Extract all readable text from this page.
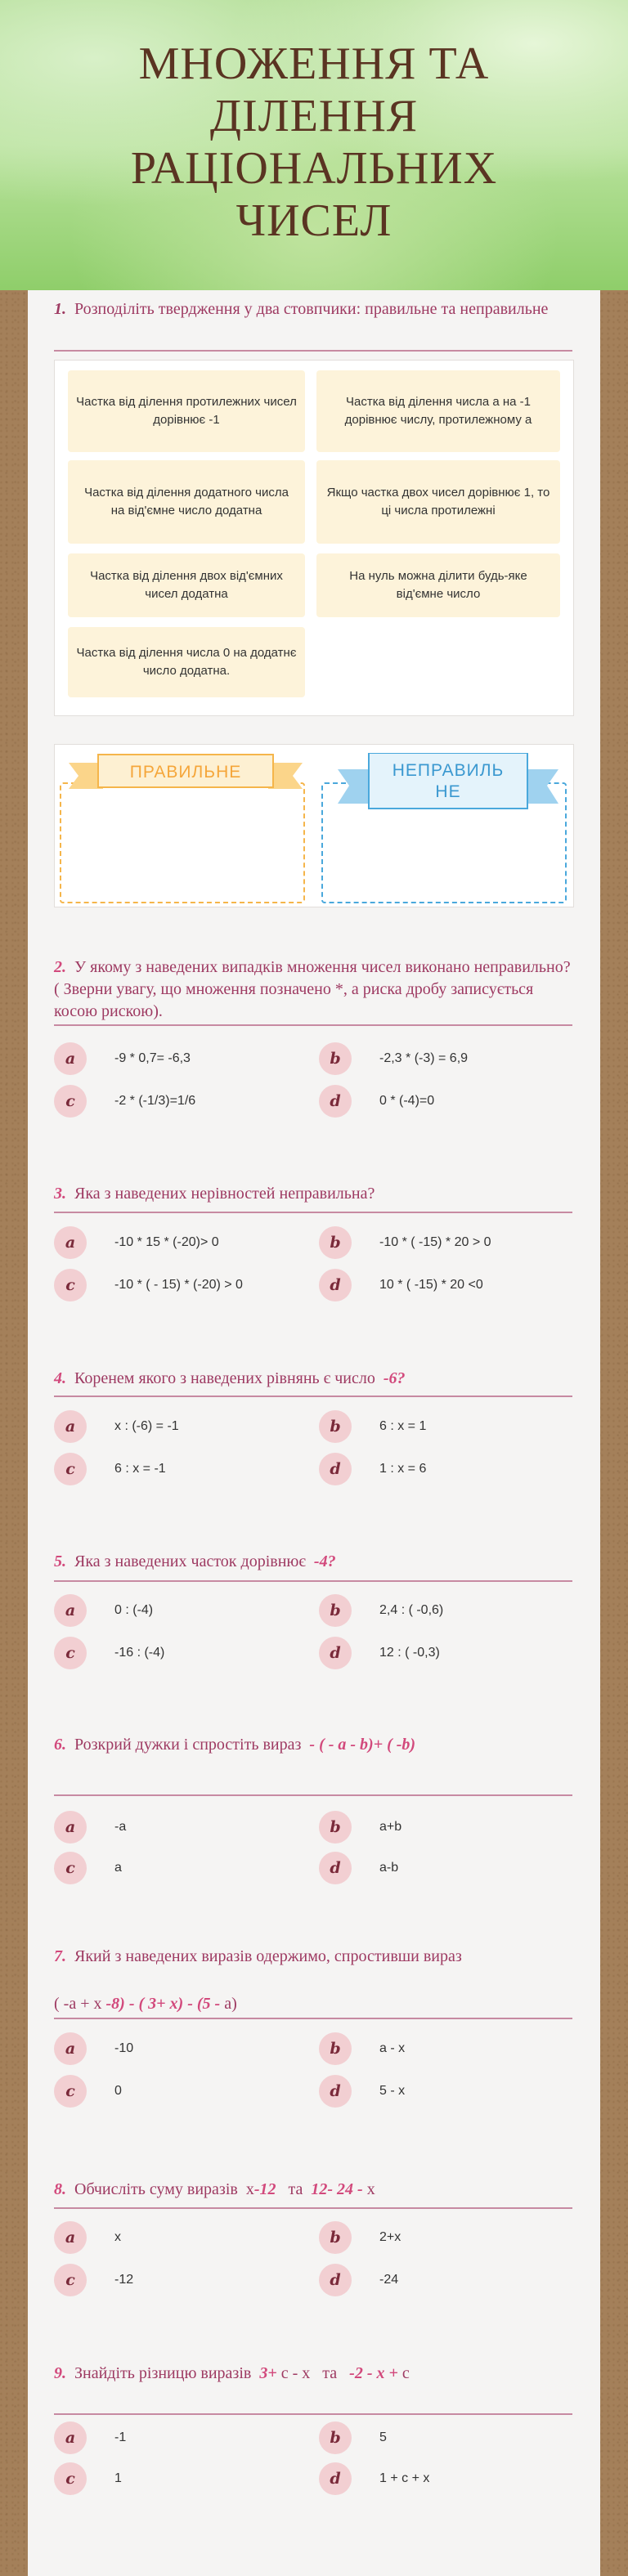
МНОЖЕННЯ ТА ДІЛЕННЯ РАЦІОНАЛЬНИХ ЧИСЕЛ
1. Розподіліть твердження у два стовпчики: правильне та неправильне
Частка від ділення протилежних чисел дорівнює -1
Частка від ділення числа a на -1 дорівнює числу, протилежному a
Частка від ділення додатного числа на від'ємне число додатна
Якщо частка двох чисел дорівнює 1, то ці числа протилежні
Частка від ділення двох від'ємних чисел додатна
На нуль можна ділити будь-яке від'ємне число
Частка від ділення числа 0 на додатнє число додатна.
ПРАВИЛЬНЕ	НЕПРАВИЛЬ НЕ
2. У якому з наведених випадків множення чисел виконано неправильно? ( Зверни увагу, що множення позначено *, а риска дробу записується косою рискою).
a	-9 * 0,7= -6,3	b	-2,3 * (-3) = 6,9
c	-2 * (-1/3)=1/6	d	0 * (-4)=0
3. Яка з наведених нерівностей неправильна?
a	-10 * 15 * (-20)> 0	b	-10 * ( -15) * 20 > 0
c	-10 * ( - 15) * (-20) > 0	d	10 * ( -15) * 20 <0
4. Коренем якого з наведених рівнянь є число -6?
a	x : (-6) = -1	b	6 : x = 1
c	6 : x = -1	d	1 : x = 6
5. Яка з наведених часток дорівнює -4?
a	0 : (-4)	b	2,4 : ( -0,6)
c	-16 : (-4)	d	12 : ( -0,3)
6. Розкрий дужки і спростіть вираз - ( - a - b)+ ( -b)
a	-a	b	a+b
c	a	d	a-b
7. Який з наведених виразів одержимо, спростивши вираз
( -a + x -8) - ( 3+ x) - (5 - a)
a	-10	b	a - x
c	0	d	5 - x
8. Обчисліть суму виразів x-12 та 12- 24 - x
a	x	b	2+x
c	-12	d	-24
9. Знайдіть різницю виразів 3+ c - x та -2 - x + c
a	-1	b	5
c	1	d	1 + c + x
